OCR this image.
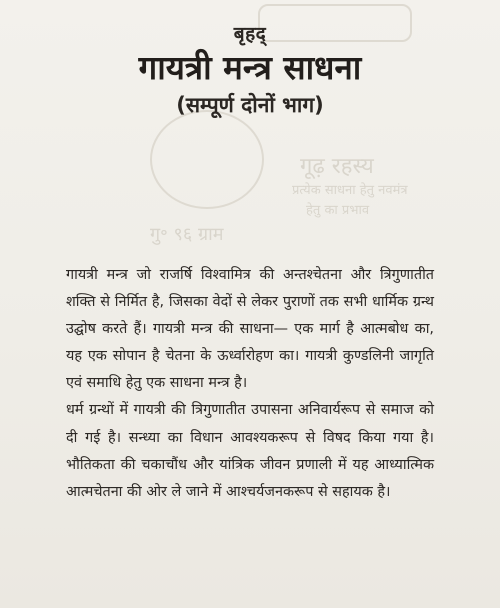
गूढ़ रहस्य
प्रत्येक साधना हेतु नवमंत्र
हेतु का प्रभाव
गु॰ ९६ ग्राम
बृहद्
गायत्री मन्त्र साधना
(सम्पूर्ण दोनों भाग)

गायत्री मन्त्र जो राजर्षि विश्वामित्र की अन्तश्चेतना और त्रिगुणातीत शक्ति से निर्मित है, जिसका वेदों से लेकर पुराणों तक सभी धार्मिक ग्रन्थ उद्घोष करते हैं। गायत्री मन्त्र की साधना— एक मार्ग है आत्मबोध का, यह एक सोपान है चेतना के ऊर्ध्वारोहण का। गायत्री कुण्डलिनी जागृति एवं समाधि हेतु एक साधना मन्त्र है।

धर्म ग्रन्थों में गायत्री की त्रिगुणातीत उपासना अनिवार्यरूप से समाज को दी गई है। सन्ध्या का विधान आवश्यकरूप से विषद किया गया है। भौतिकता की चकाचौंध और यांत्रिक जीवन प्रणाली में यह आध्यात्मिक आत्मचेतना की ओर ले जाने में आश्चर्यजनकरूप से सहायक है।
